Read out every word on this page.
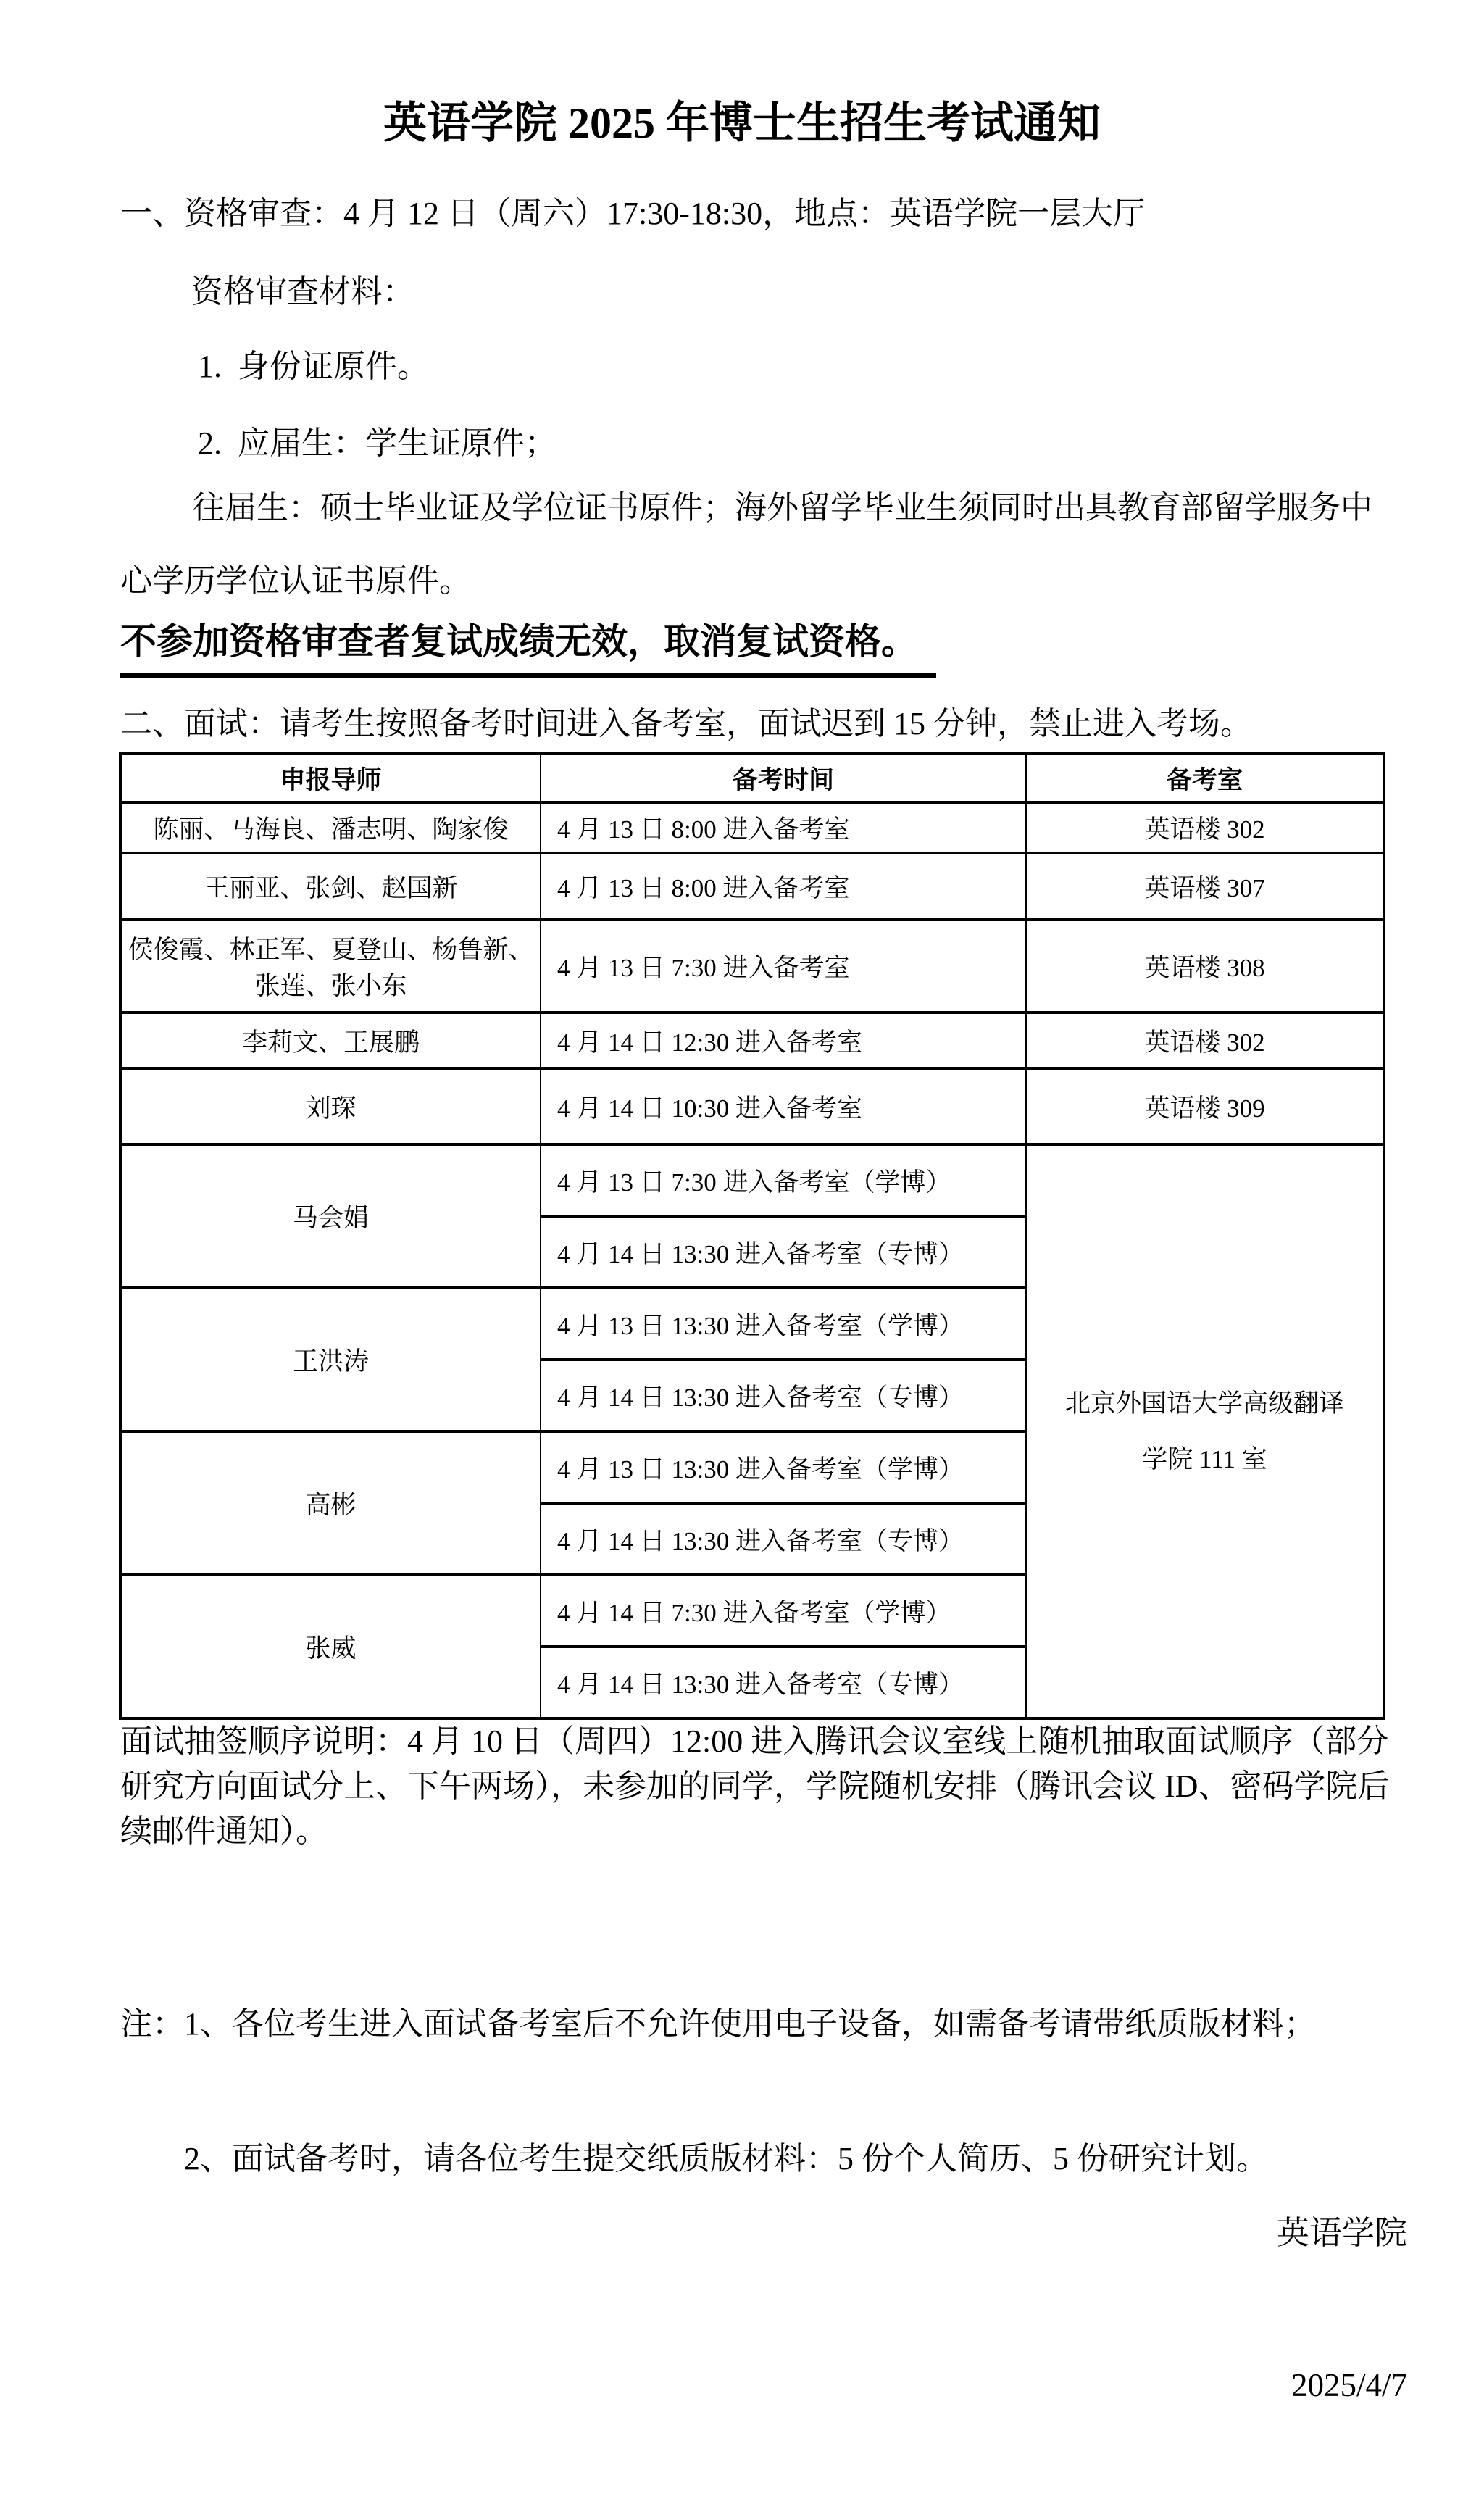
英语学院 2025 年博士生招生考试通知
一、资格审查：4 月 12 日（周六）17:30-18:30，地点：英语学院一层大厅
资格审查材料：
1.  身份证原件。
2.  应届生：学生证原件；
往届生：硕士毕业证及学位证书原件；海外留学毕业生须同时出具教育部留学服务中心学历学位认证书原件。
不参加资格审查者复试成绩无效，取消复试资格。
二、面试：请考生按照备考时间进入备考室，面试迟到 15 分钟，禁止进入考场。
申报导师	备考时间	备考室
陈丽、马海良、潘志明、陶家俊	4 月 13 日 8:00 进入备考室	英语楼 302
王丽亚、张剑、赵国新	4 月 13 日 8:00 进入备考室	英语楼 307
侯俊霞、林正军、夏登山、杨鲁新、张莲、张小东	4 月 13 日 7:30 进入备考室	英语楼 308
李莉文、王展鹏	4 月 14 日 12:30 进入备考室	英语楼 302
刘琛	4 月 14 日 10:30 进入备考室	英语楼 309
马会娟	4 月 13 日 7:30 进入备考室（学博）	北京外国语大学高级翻译学院 111 室

	4 月 14 日 13:30 进入备考室（专博）	
王洪涛	4 月 13 日 13:30 进入备考室（学博）	
	4 月 14 日 13:30 进入备考室（专博）	
高彬	4 月 13 日 13:30 进入备考室（学博）	
	4 月 14 日 13:30 进入备考室（专博）	
张威	4 月 14 日 7:30 进入备考室（学博）	
	4 月 14 日 13:30 进入备考室（专博）	
面试抽签顺序说明：4 月 10 日（周四）12:00 进入腾讯会议室线上随机抽取面试顺序（部分研究方向面试分上、下午两场），未参加的同学，学院随机安排（腾讯会议 ID、密码学院后续邮件通知）。

注：1、各位考生进入面试备考室后不允许使用电子设备，如需备考请带纸质版材料；

2、面试备考时，请各位考生提交纸质版材料：5 份个人简历、5 份研究计划。

英语学院

2025/4/7
